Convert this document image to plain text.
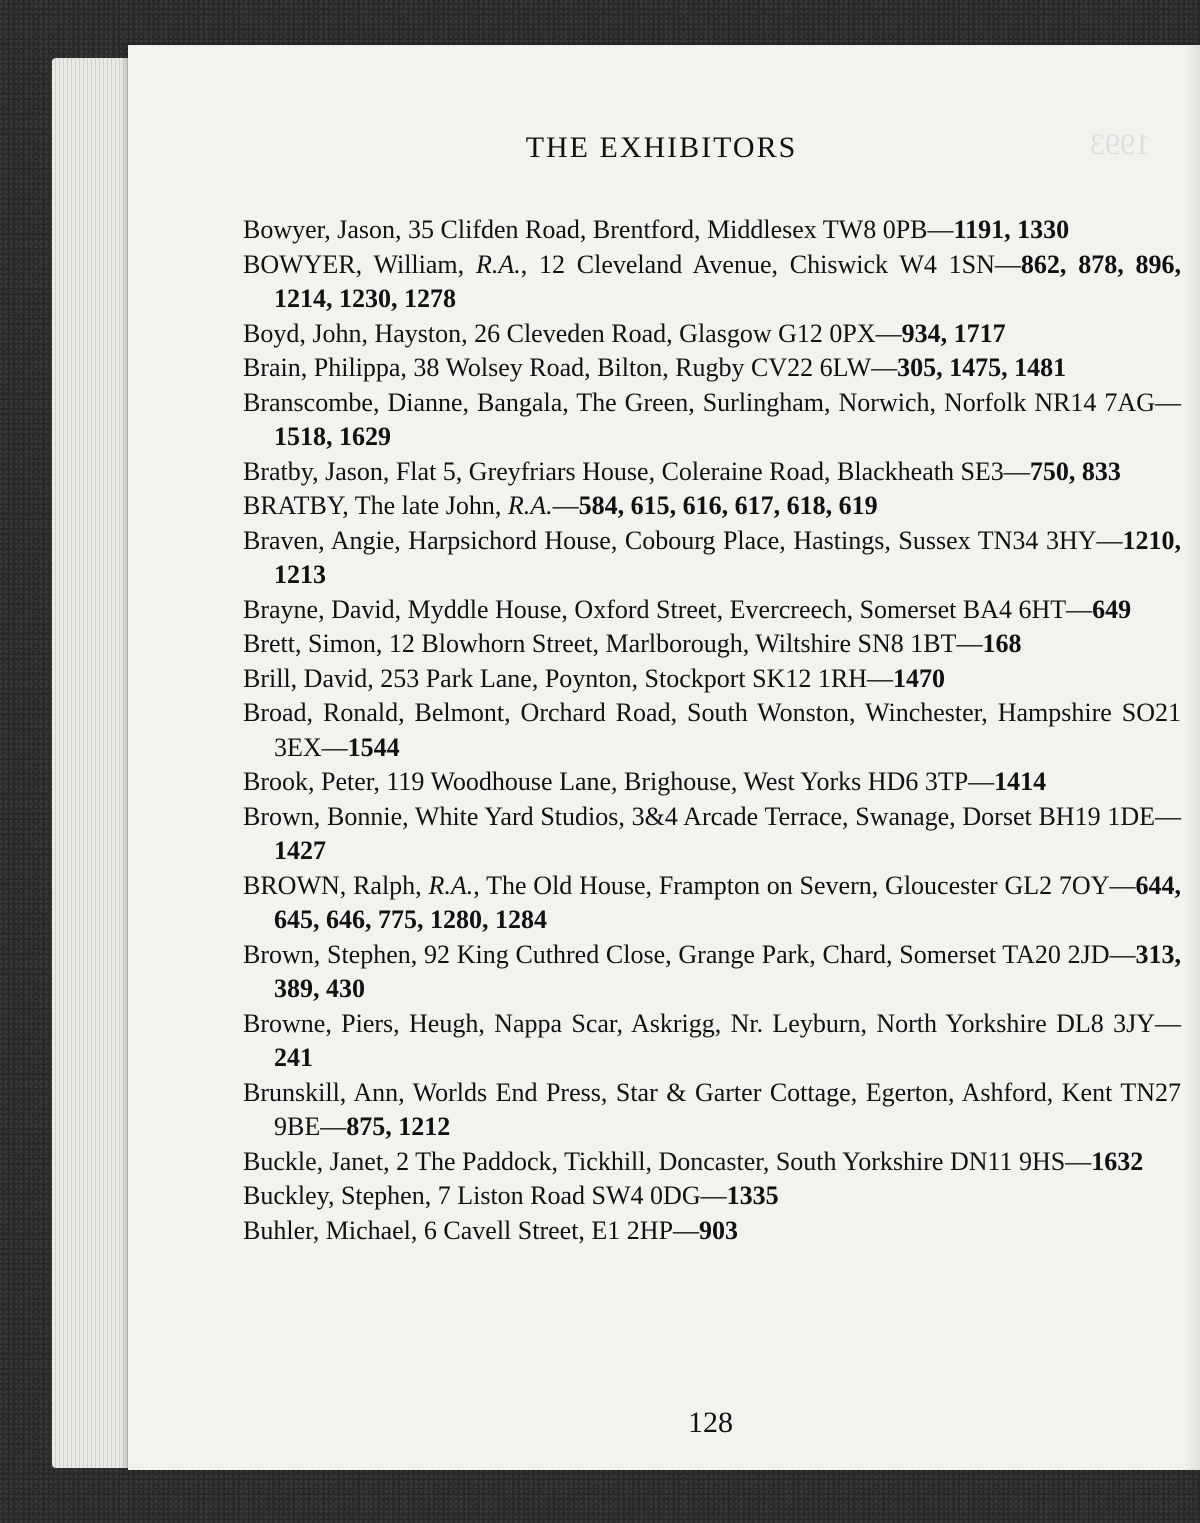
1993
THE EXHIBITORS

Bowyer, Jason, 35 Clifden Road, Brentford, Middlesex TW8 0PB—1191, 1330

BOWYER, William, R.A., 12 Cleveland Avenue, Chiswick W4 1SN—862, 878, 896, 1214, 1230, 1278

Boyd, John, Hayston, 26 Cleveden Road, Glasgow G12 0PX—934, 1717

Brain, Philippa, 38 Wolsey Road, Bilton, Rugby CV22 6LW—305, 1475, 1481

Branscombe, Dianne, Bangala, The Green, Surlingham, Norwich, Norfolk NR14 7AG—1518, 1629

Bratby, Jason, Flat 5, Greyfriars House, Coleraine Road, Blackheath SE3—750, 833

BRATBY, The late John, R.A.—584, 615, 616, 617, 618, 619

Braven, Angie, Harpsichord House, Cobourg Place, Hastings, Sussex TN34 3HY—1210, 1213

Brayne, David, Myddle House, Oxford Street, Evercreech, Somerset BA4 6HT—649

Brett, Simon, 12 Blowhorn Street, Marlborough, Wiltshire SN8 1BT—168

Brill, David, 253 Park Lane, Poynton, Stockport SK12 1RH—1470

Broad, Ronald, Belmont, Orchard Road, South Wonston, Winchester, Hampshire SO21 3EX—1544

Brook, Peter, 119 Woodhouse Lane, Brighouse, West Yorks HD6 3TP—1414

Brown, Bonnie, White Yard Studios, 3&4 Arcade Terrace, Swanage, Dorset BH19 1DE—1427

BROWN, Ralph, R.A., The Old House, Frampton on Severn, Gloucester GL2 7OY—644, 645, 646, 775, 1280, 1284

Brown, Stephen, 92 King Cuthred Close, Grange Park, Chard, Somerset TA20 2JD—313, 389, 430

Browne, Piers, Heugh, Nappa Scar, Askrigg, Nr. Leyburn, North Yorkshire DL8 3JY—241

Brunskill, Ann, Worlds End Press, Star & Garter Cottage, Egerton, Ashford, Kent TN27 9BE—875, 1212

Buckle, Janet, 2 The Paddock, Tickhill, Doncaster, South Yorkshire DN11 9HS—1632

Buckley, Stephen, 7 Liston Road SW4 0DG—1335

Buhler, Michael, 6 Cavell Street, E1 2HP—903

128
